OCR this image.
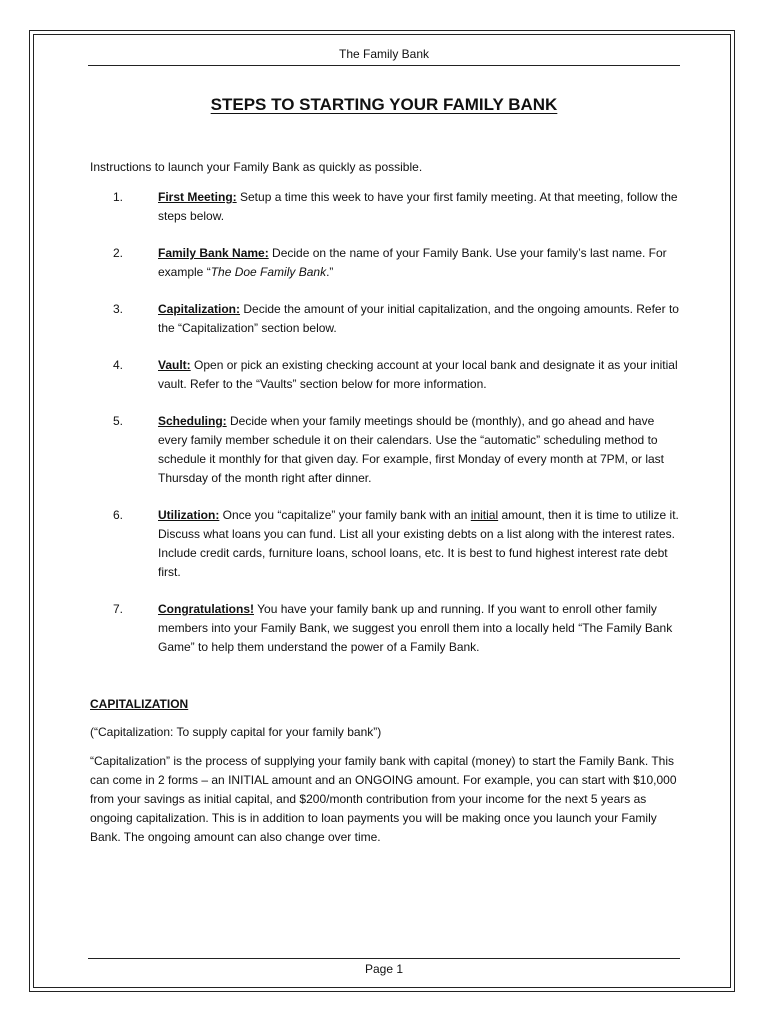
The Family Bank
STEPS TO STARTING YOUR FAMILY BANK
Instructions to launch your Family Bank as quickly as possible.
1.	First Meeting: Setup a time this week to have your first family meeting. At that meeting, follow the steps below.
2.	Family Bank Name: Decide on the name of your Family Bank. Use your family’s last name. For example “The Doe Family Bank.”
3.	Capitalization: Decide the amount of your initial capitalization, and the ongoing amounts. Refer to the “Capitalization” section below.
4.	Vault: Open or pick an existing checking account at your local bank and designate it as your initial vault. Refer to the “Vaults” section below for more information.
5.	Scheduling: Decide when your family meetings should be (monthly), and go ahead and have every family member schedule it on their calendars. Use the “automatic” scheduling method to schedule it monthly for that given day. For example, first Monday of every month at 7PM, or last Thursday of the month right after dinner.
6.	Utilization: Once you “capitalize” your family bank with an initial amount, then it is time to utilize it. Discuss what loans you can fund. List all your existing debts on a list along with the interest rates. Include credit cards, furniture loans, school loans, etc. It is best to fund highest interest rate debt first.
7.	Congratulations! You have your family bank up and running. If you want to enroll other family members into your Family Bank, we suggest you enroll them into a locally held “The Family Bank Game” to help them understand the power of a Family Bank.
CAPITALIZATION
(“Capitalization: To supply capital for your family bank”)
“Capitalization” is the process of supplying your family bank with capital (money) to start the Family Bank. This can come in 2 forms – an INITIAL amount and an ONGOING amount. For example, you can start with $10,000 from your savings as initial capital, and $200/month contribution from your income for the next 5 years as ongoing capitalization. This is in addition to loan payments you will be making once you launch your Family Bank. The ongoing amount can also change over time.
Page 1
